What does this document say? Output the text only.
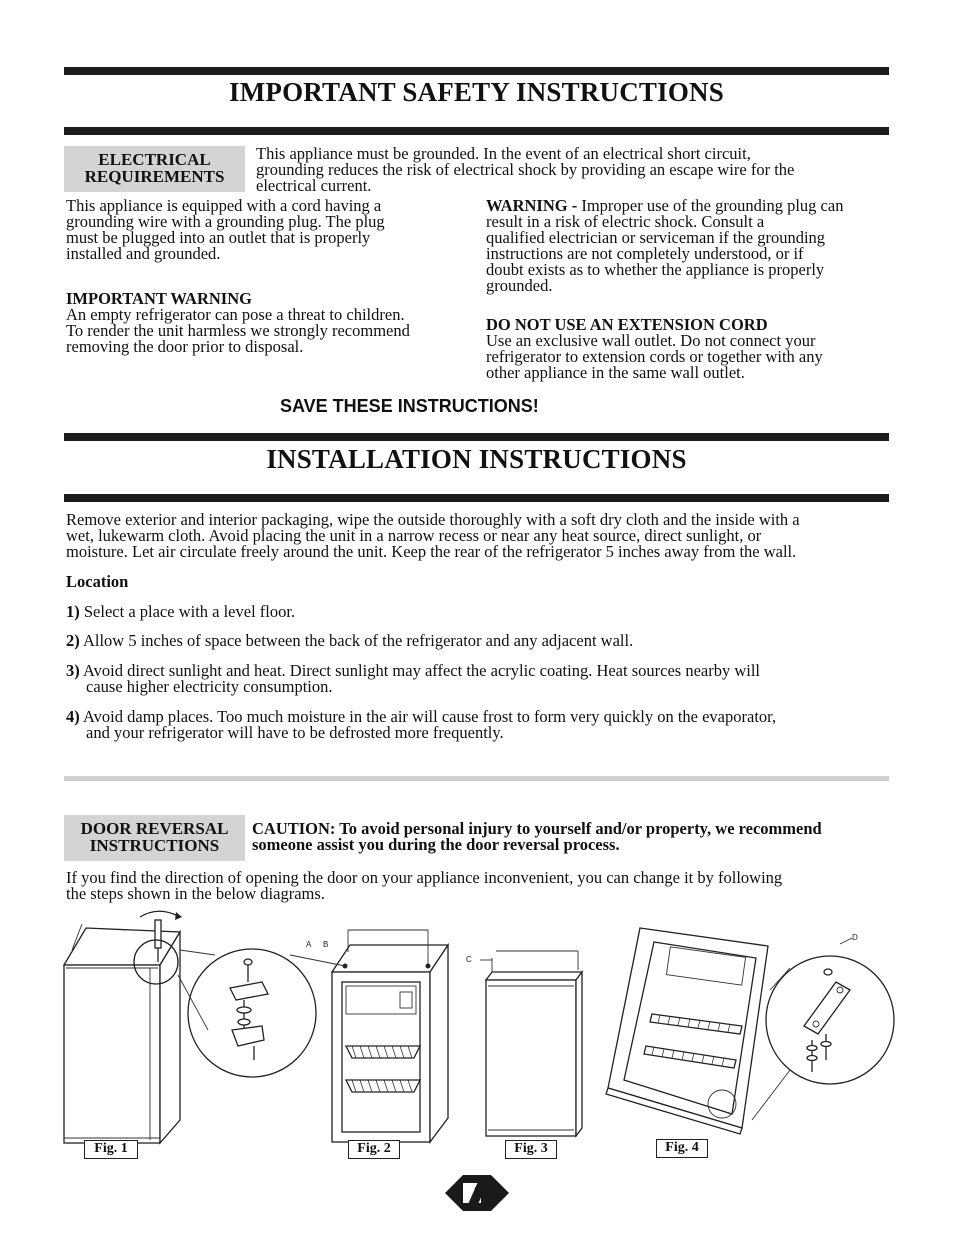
IMPORTANT SAFETY INSTRUCTIONS
ELECTRICAL
REQUIREMENTS
This appliance must be grounded. In the event of an electrical short circuit,
grounding reduces the risk of electrical shock by providing an escape wire for the
electrical current.
This appliance is equipped with a cord having a
grounding wire with a grounding plug. The plug
must be plugged into an outlet that is properly
installed and grounded.
IMPORTANT WARNING
An empty refrigerator can pose a threat to children.
To render the unit harmless we strongly recommend
removing the door prior to disposal.
WARNING - Improper use of the grounding plug can
result in a risk of electric shock. Consult a
qualified electrician or serviceman if the grounding
instructions are not completely understood, or if
doubt exists as to whether the appliance is properly
grounded.
DO NOT USE AN EXTENSION CORD
Use an exclusive wall outlet. Do not connect your
refrigerator to extension cords or together with any
other appliance in the same wall outlet.
SAVE THESE INSTRUCTIONS!
INSTALLATION INSTRUCTIONS
Remove exterior and interior packaging, wipe the outside thoroughly with a soft dry cloth and the inside with a
wet, lukewarm cloth. Avoid placing the unit in a narrow recess or near any heat source, direct sunlight, or
moisture. Let air circulate freely around the unit. Keep the rear of the refrigerator 5 inches away from the wall.
Location
1) Select a place with a level floor.
2) Allow 5 inches of space between the back of the refrigerator and any adjacent wall.
3) Avoid direct sunlight and heat. Direct sunlight may affect the acrylic coating. Heat sources nearby will
cause higher electricity consumption.
4) Avoid damp places. Too much moisture in the air will cause frost to form very quickly on the evaporator,
and your refrigerator will have to be defrosted more frequently.
DOOR REVERSAL
INSTRUCTIONS
CAUTION: To avoid personal injury to yourself and/or property, we recommend
someone assist you during the door reversal process.
If you find the direction of opening the door on your appliance inconvenient, you can change it by following
the steps shown in the below diagrams.
A B
C
D
Fig. 1	Fig. 2	Fig. 3	Fig. 4
1
